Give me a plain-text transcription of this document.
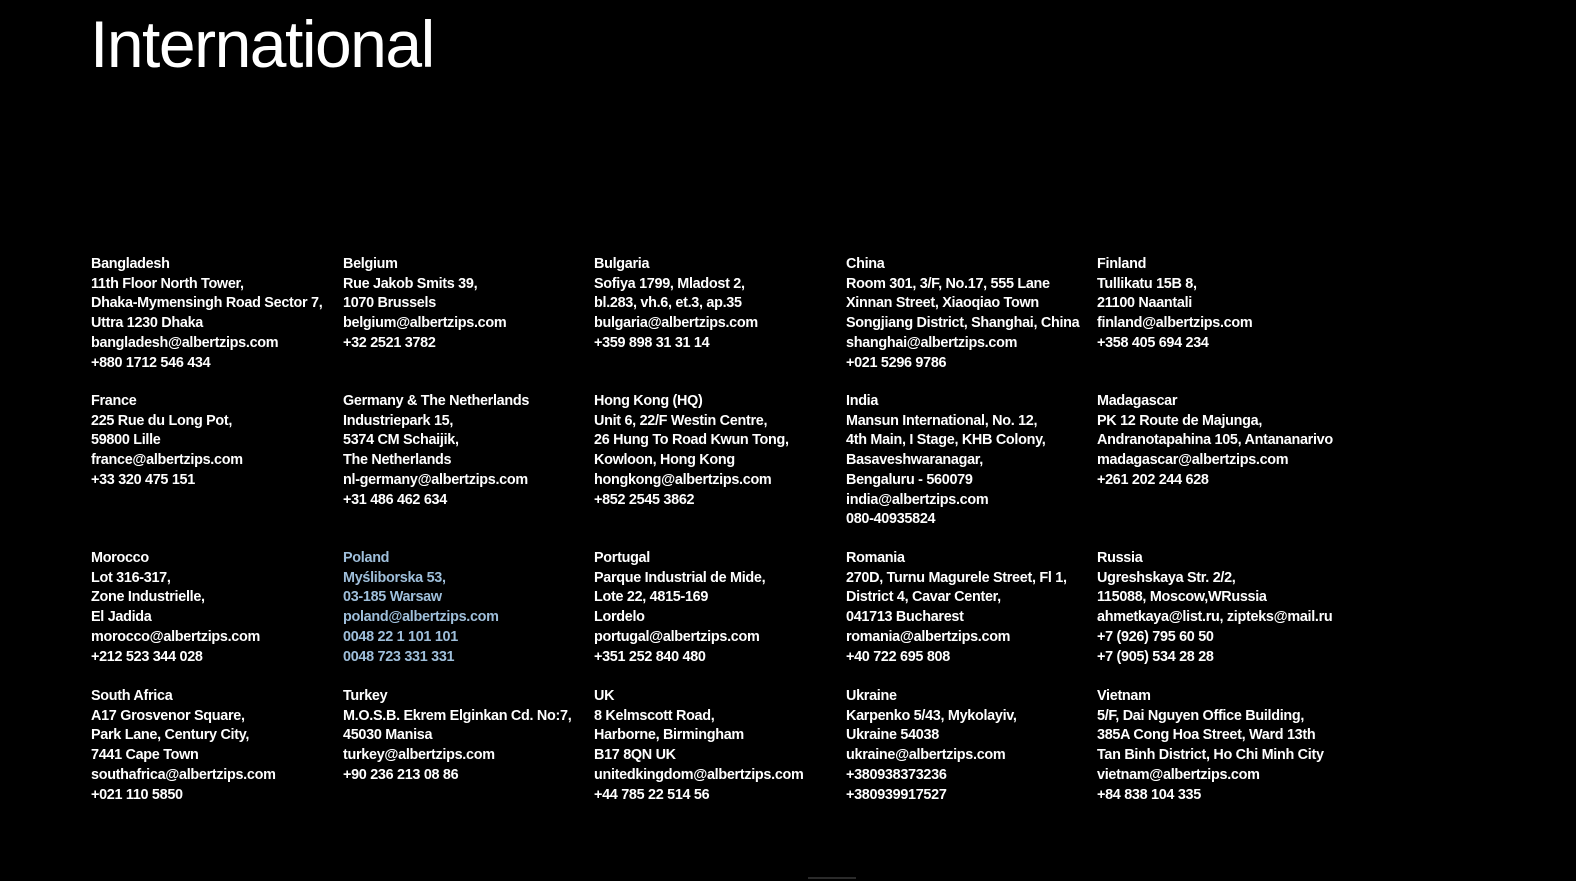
International
Bangladesh
11th Floor North Tower,
Dhaka-Mymensingh Road Sector 7,
Uttra 1230 Dhaka
bangladesh@albertzips.com
+880 1712 546 434
Belgium
Rue Jakob Smits 39,
1070 Brussels
belgium@albertzips.com
+32 2521 3782
Bulgaria
Sofiya 1799, Mladost 2,
bl.283, vh.6, et.3, ap.35
bulgaria@albertzips.com
+359 898 31 31 14
China
Room 301, 3/F, No.17, 555 Lane
Xinnan Street, Xiaoqiao Town
Songjiang District, Shanghai, China
shanghai@albertzips.com
+021 5296 9786
Finland
Tullikatu 15B 8,
21100 Naantali
finland@albertzips.com
+358 405 694 234
France
225 Rue du Long Pot,
59800 Lille
france@albertzips.com
+33 320 475 151
Germany & The Netherlands
Industriepark 15,
5374 CM Schaijik,
The Netherlands
nl-germany@albertzips.com
+31 486 462 634
Hong Kong (HQ)
Unit 6, 22/F Westin Centre,
26 Hung To Road Kwun Tong,
Kowloon, Hong Kong
hongkong@albertzips.com
+852 2545 3862
India
Mansun International, No. 12,
4th Main, I Stage, KHB Colony,
Basaveshwaranagar,
Bengaluru - 560079
india@albertzips.com
080-40935824
Madagascar
PK 12 Route de Majunga,
Andranotapahina 105, Antananarivo
madagascar@albertzips.com
+261 202 244 628
Morocco
Lot 316-317,
Zone Industrielle,
El Jadida
morocco@albertzips.com
+212 523 344 028
Poland
Myśliborska 53,
03-185 Warsaw
poland@albertzips.com
0048 22 1 101 101
0048 723 331 331
Portugal
Parque Industrial de Mide,
Lote 22, 4815-169
Lordelo
portugal@albertzips.com
+351 252 840 480
Romania
270D, Turnu Magurele Street, Fl 1,
District 4, Cavar Center,
041713 Bucharest
romania@albertzips.com
+40 722 695 808
Russia
Ugreshskaya Str. 2/2,
115088, Moscow,WRussia
ahmetkaya@list.ru, zipteks@mail.ru
+7 (926) 795 60 50
+7 (905) 534 28 28
South Africa
A17 Grosvenor Square,
Park Lane, Century City,
7441 Cape Town
southafrica@albertzips.com
+021 110 5850
Turkey
M.O.S.B. Ekrem Elginkan Cd. No:7,
45030 Manisa
turkey@albertzips.com
+90 236 213 08 86
UK
8 Kelmscott Road,
Harborne, Birmingham
B17 8QN UK
unitedkingdom@albertzips.com
+44 785 22 514 56
Ukraine
Karpenko 5/43, Mykolayiv,
Ukraine 54038
ukraine@albertzips.com
+380938373236
+380939917527
Vietnam
5/F, Dai Nguyen Office Building,
385A Cong Hoa Street, Ward 13th
Tan Binh District, Ho Chi Minh City
vietnam@albertzips.com
+84 838 104 335
